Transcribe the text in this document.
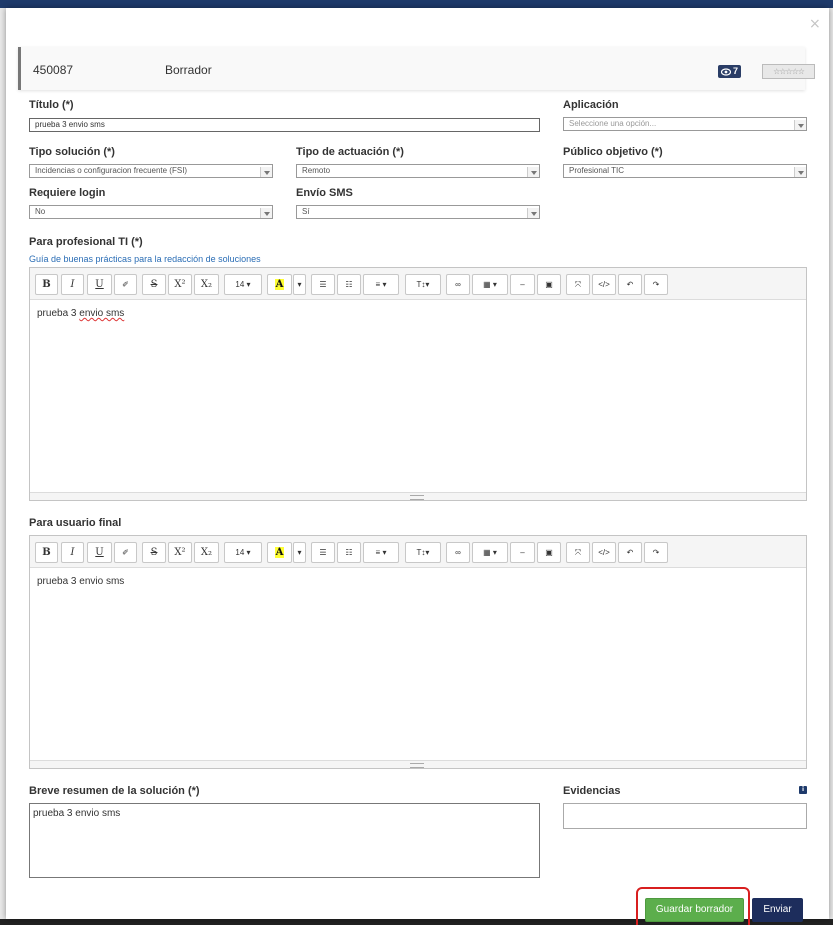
×
450087	Borrador	7	☆☆☆☆☆
Título (*)
prueba 3 envio sms
Aplicación
Seleccione una opción...
Tipo solución (*)
Incidencias o configuracion frecuente (FSI)
Tipo de actuación (*)
Remoto
Público objetivo (*)
Profesional TIC
Requiere login
No
Envío SMS
Sí
Para profesional TI (*)
Guía de buenas prácticas para la redacción de soluciones
B	I	U	✐	S	X²	X₂	14 ▾	A	▾	☰	☷	≡ ▾	T↕▾	∞	▦ ▾	–	▣	⤧	</>	↶	↷
prueba 3 envio sms
Para usuario final
B	I	U	✐	S	X²	X₂	14 ▾	A	▾	☰	☷	≡ ▾	T↕▾	∞	▦ ▾	–	▣	⤧	</>	↶	↷
prueba 3 envio sms
Breve resumen de la solución (*)
prueba 3 envio sms
Evidencias	i
Guardar borrador	Enviar
